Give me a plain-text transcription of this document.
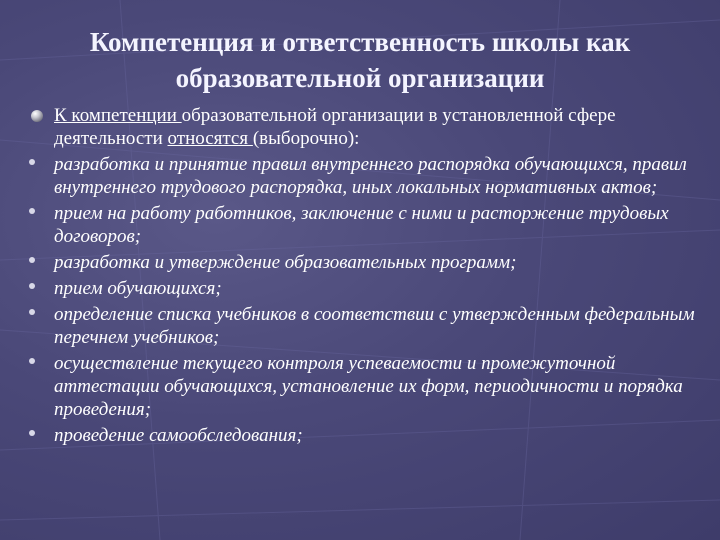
Компетенция и ответственность школы как
образовательной организации
К компетенции образовательной организации в установленной сфере деятельности относятся (выборочно):
разработка и принятие правил внутреннего распорядка обучающихся, правил внутреннего трудового распорядка, иных локальных нормативных актов;
прием на работу работников, заключение с ними и расторжение трудовых договоров;
разработка и утверждение образовательных программ;
прием обучающихся;
определение списка учебников в соответствии с утвержденным федеральным перечнем учебников;
осуществление текущего контроля успеваемости и промежуточной аттестации обучающихся, установление их форм, периодичности и порядка проведения;
проведение самообследования;
